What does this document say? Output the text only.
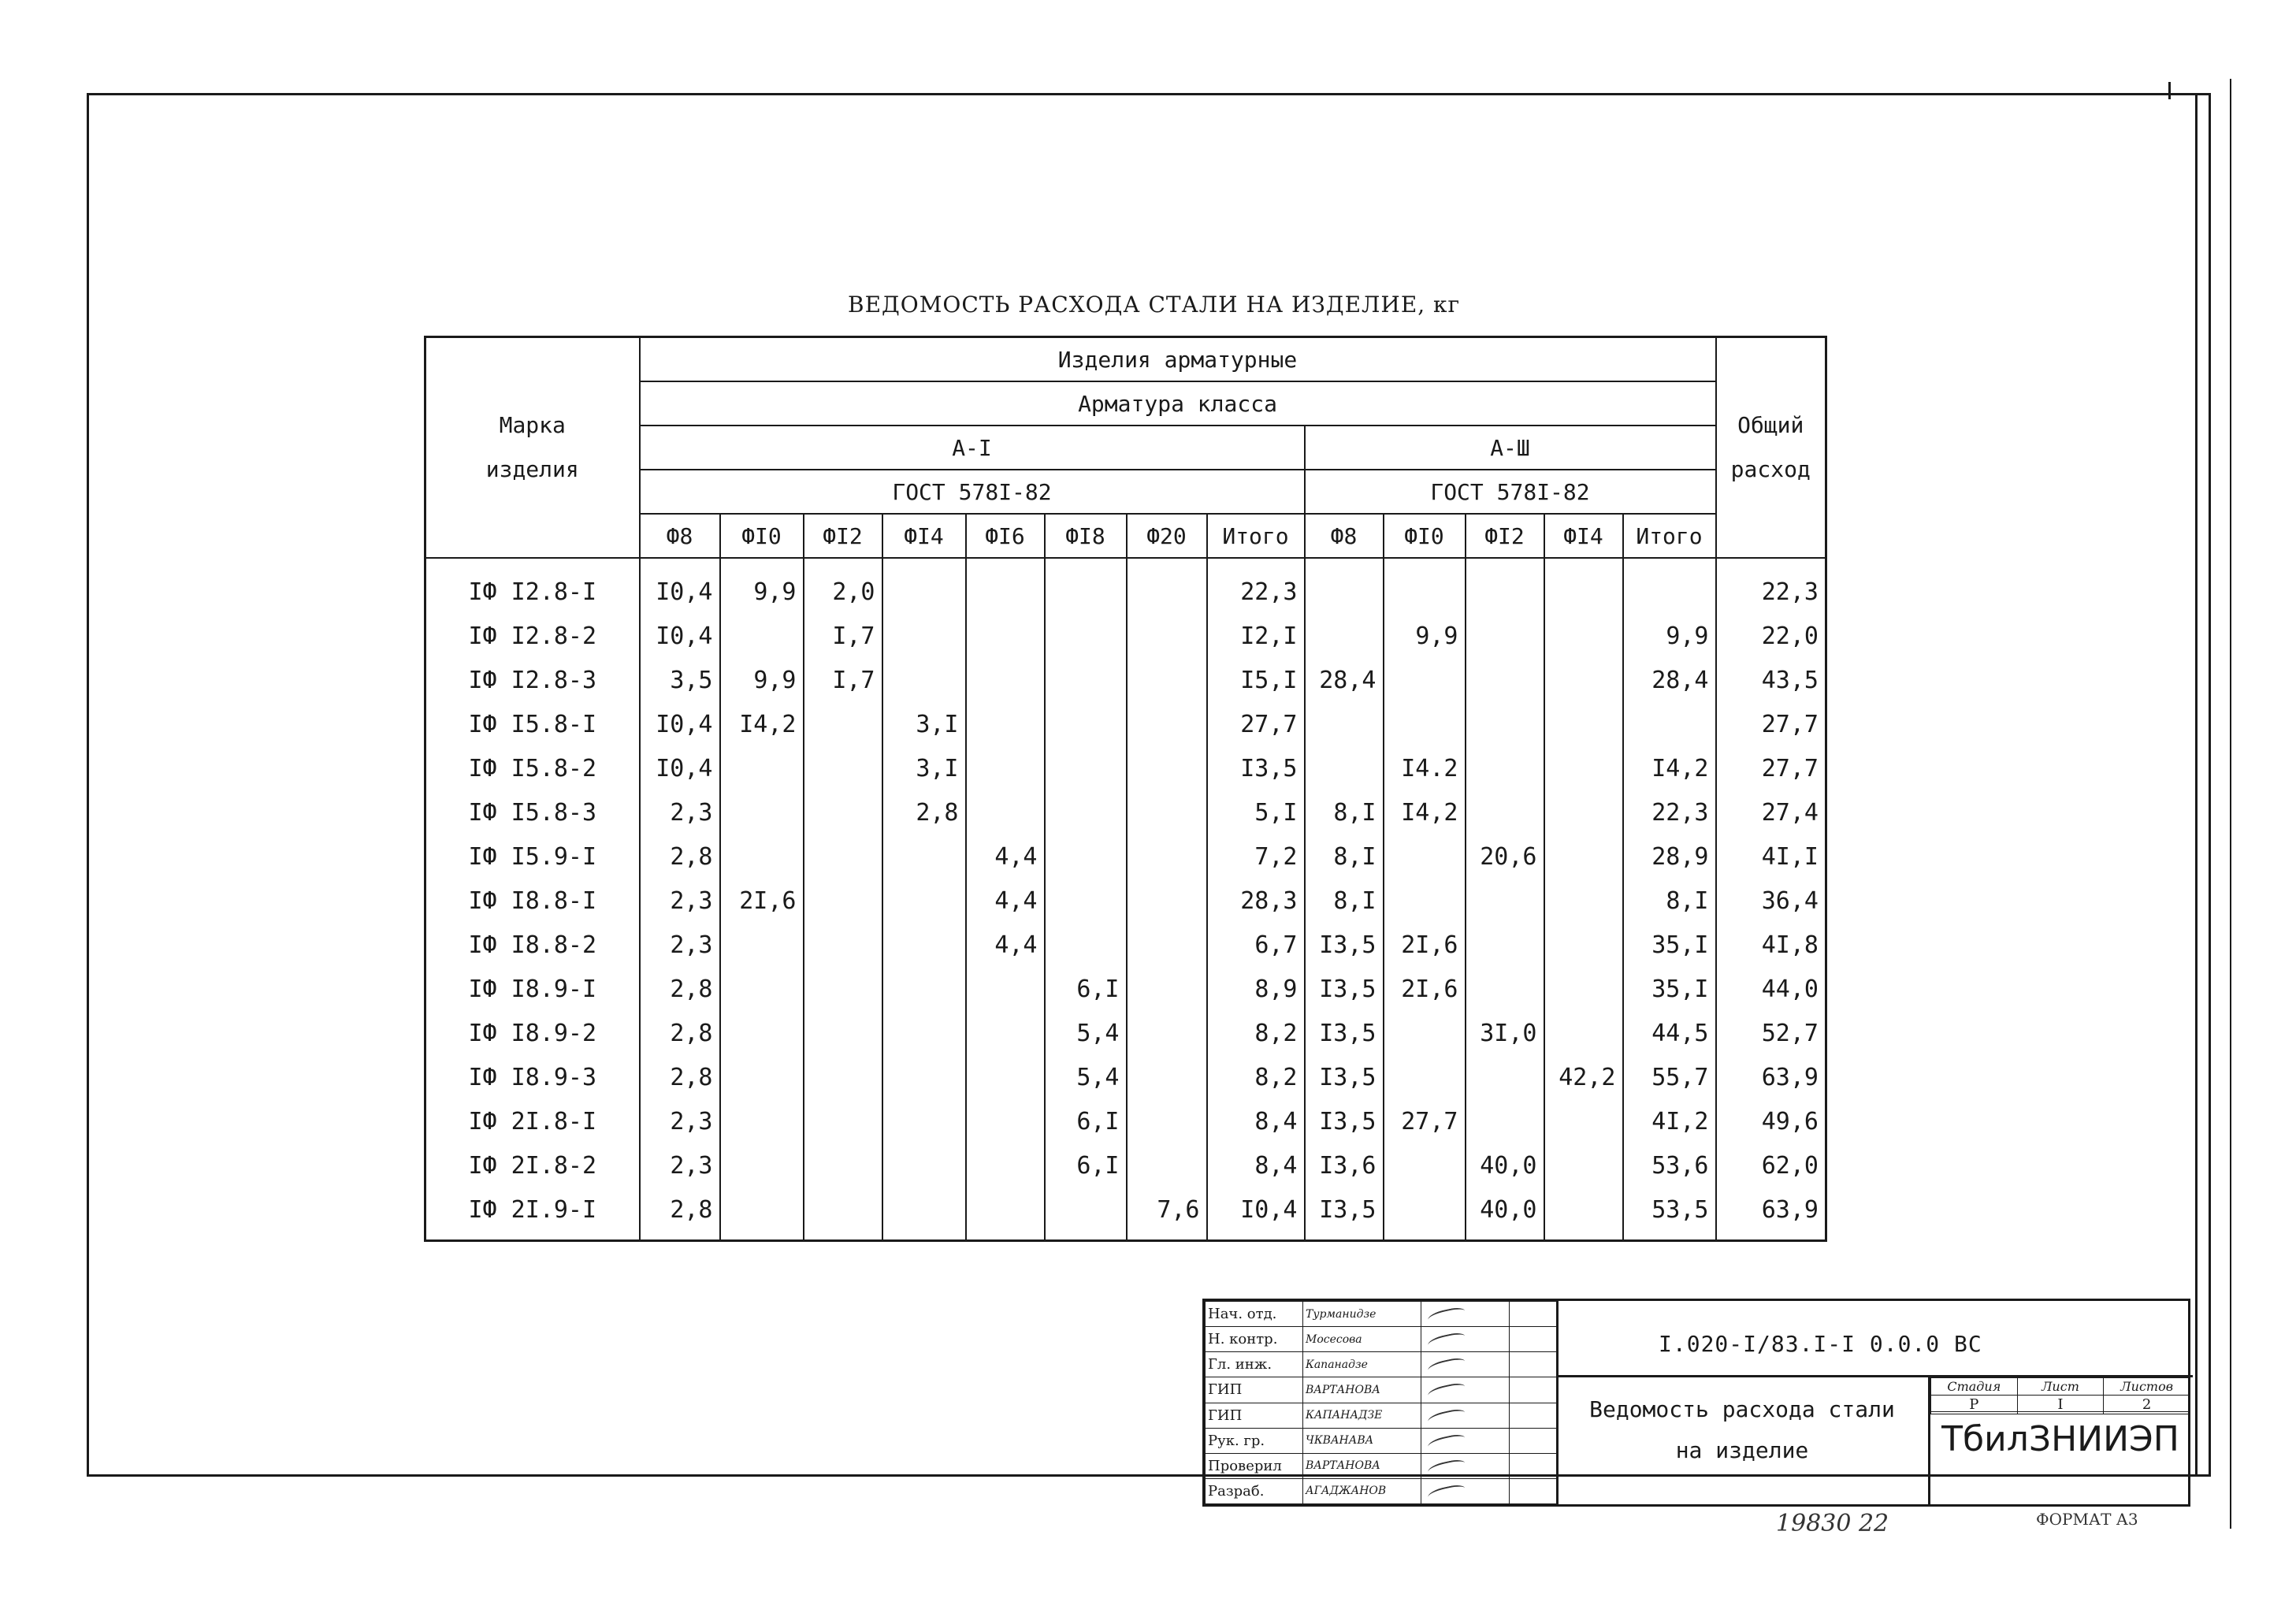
ВЕДОМОСТЬ РАСХОДА СТАЛИ НА ИЗДЕЛИЕ, кг
Марка
изделия	Изделия арматурные													Общий
расход
	Арматура класса													
	А-I								А-Ш					
	ГОСТ 578I-82								ГОСТ 578I-82					
	Ф8	ФI0	ФI2	ФI4	ФI6	ФI8	Ф20	Итого	Ф8	ФI0	ФI2	ФI4	Итого	
IФ I2.8-I	I0,4	9,9	2,0					22,3						22,3
IФ I2.8-2	I0,4		I,7					I2,I		9,9			9,9	22,0
IФ I2.8-3	3,5	9,9	I,7					I5,I	28,4				28,4	43,5
IФ I5.8-I	I0,4	I4,2		3,I				27,7						27,7
IФ I5.8-2	I0,4			3,I				I3,5		I4.2			I4,2	27,7
IФ I5.8-3	2,3			2,8				5,I	8,I	I4,2			22,3	27,4
IФ I5.9-I	2,8				4,4			7,2	8,I		20,6		28,9	4I,I
IФ I8.8-I	2,3	2I,6			4,4			28,3	8,I				8,I	36,4
IФ I8.8-2	2,3				4,4			6,7	I3,5	2I,6			35,I	4I,8
IФ I8.9-I	2,8					6,I		8,9	I3,5	2I,6			35,I	44,0
IФ I8.9-2	2,8					5,4		8,2	I3,5		3I,0		44,5	52,7
IФ I8.9-3	2,8					5,4		8,2	I3,5			42,2	55,7	63,9
IФ 2I.8-I	2,3					6,I		8,4	I3,5	27,7			4I,2	49,6
IФ 2I.8-2	2,3					6,I		8,4	I3,6		40,0		53,6	62,0
IФ 2I.9-I	2,8						7,6	I0,4	I3,5		40,0		53,5	63,9
Нач. отд.	Турманидзе		
Н. контр.	Мосесова		
Гл. инж.	Капанадзе		
ГИП	ВАРТАНОВА		
ГИП	КАПАНАДЗЕ		
Рук. гр.	ЧКВАНАВА		
Проверил	ВАРТАНОВА		
Разраб.	АГАДЖАНОВ		
I.020-I/83.I-I 0.0.0 ВС
Ведомость расхода стали
на изделие
Стадия	Лист	Листов
Р	I	2
ТбилЗНИИЭП
19830 22	ФОРМАТ А3
